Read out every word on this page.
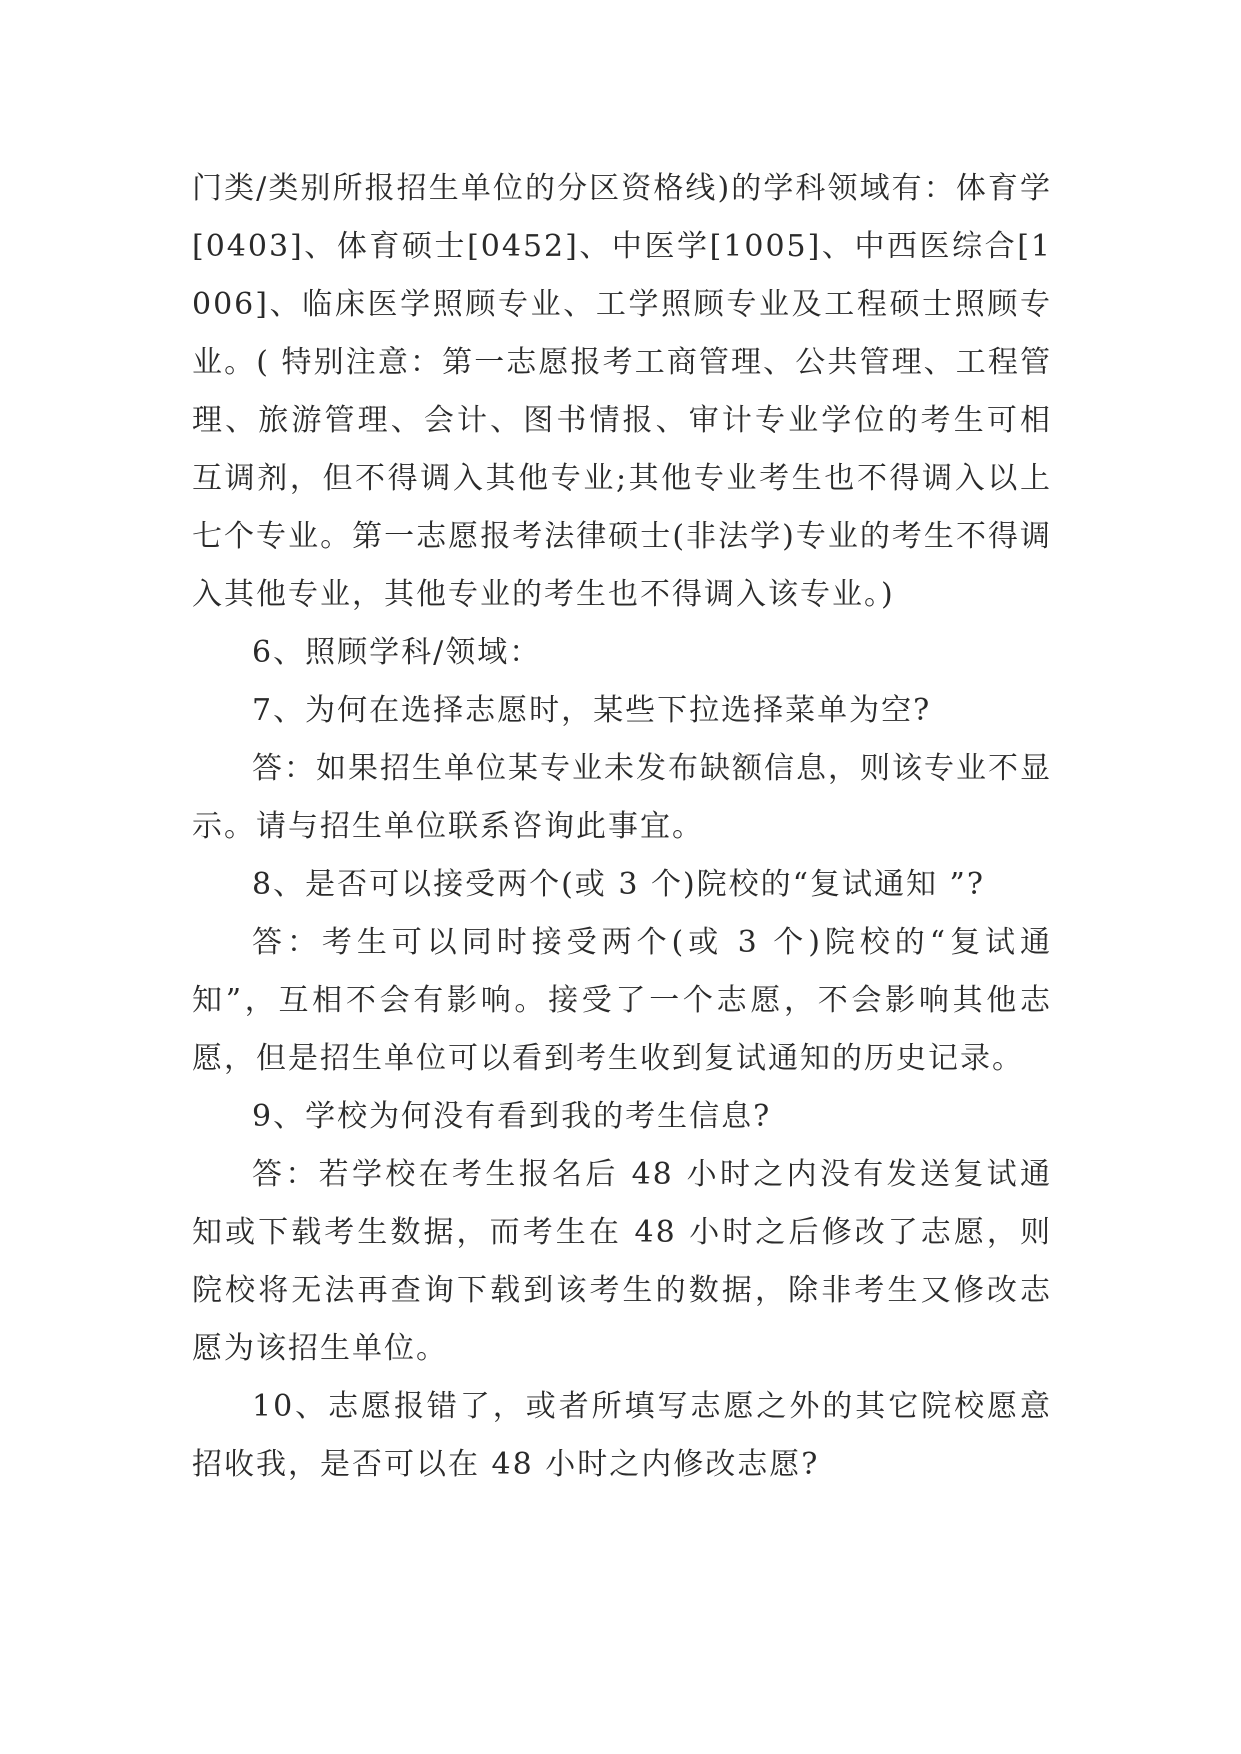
门类/类别所报招生单位的分区资格线)的学科领域有：体育学[0403]、体育硕士[0452]、中医学[1005]、中西医综合[1006]、临床医学照顾专业、工学照顾专业及工程硕士照顾专业。( 特别注意：第一志愿报考工商管理、公共管理、工程管理、旅游管理、会计、图书情报、审计专业学位的考生可相互调剂，但不得调入其他专业;其他专业考生也不得调入以上七个专业。第一志愿报考法律硕士(非法学)专业的考生不得调入其他专业，其他专业的考生也不得调入该专业。)

6、照顾学科/领域：

7、为何在选择志愿时，某些下拉选择菜单为空?

答：如果招生单位某专业未发布缺额信息，则该专业不显示。请与招生单位联系咨询此事宜。

8、是否可以接受两个(或 3 个)院校的“复试通知 ”?

答：考生可以同时接受两个(或 3 个)院校的“复试通知”，互相不会有影响。接受了一个志愿，不会影响其他志愿，但是招生单位可以看到考生收到复试通知的历史记录。

9、学校为何没有看到我的考生信息?

答：若学校在考生报名后 48 小时之内没有发送复试通知或下载考生数据，而考生在 48 小时之后修改了志愿，则院校将无法再查询下载到该考生的数据，除非考生又修改志愿为该招生单位。

10、志愿报错了，或者所填写志愿之外的其它院校愿意招收我，是否可以在 48 小时之内修改志愿?
